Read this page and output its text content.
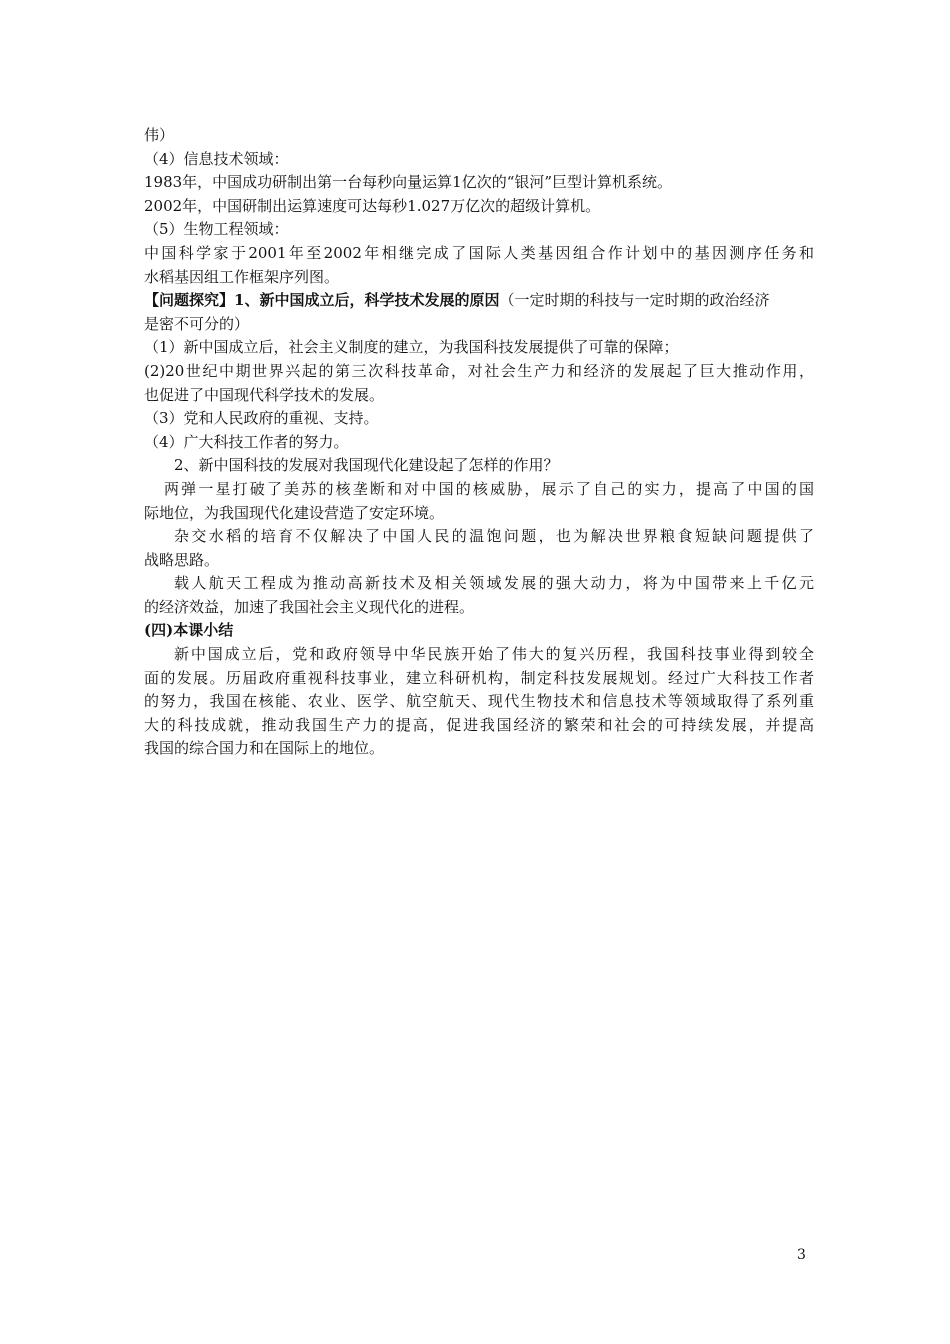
伟）
（4）信息技术领域：
1983年，中国成功研制出第一台每秒向量运算1亿次的“银河”巨型计算机系统。
2002年，中国研制出运算速度可达每秒1.027万亿次的超级计算机。
（5）生物工程领域：
中国科学家于2001年至2002年相继完成了国际人类基因组合作计划中的基因测序任务和
水稻基因组工作框架序列图。
【问题探究】1、新中国成立后，科学技术发展的原因（一定时期的科技与一定时期的政治经济
是密不可分的）
（1）新中国成立后，社会主义制度的建立，为我国科技发展提供了可靠的保障；
(2)20世纪中期世界兴起的第三次科技革命，对社会生产力和经济的发展起了巨大推动作用，
也促进了中国现代科学技术的发展。
（3）党和人民政府的重视、支持。
（4）广大科技工作者的努力。
2、新中国科技的发展对我国现代化建设起了怎样的作用？
两弹一星打破了美苏的核垄断和对中国的核威胁，展示了自己的实力，提高了中国的国
际地位，为我国现代化建设营造了安定环境。
杂交水稻的培育不仅解决了中国人民的温饱问题，也为解决世界粮食短缺问题提供了
战略思路。
载人航天工程成为推动高新技术及相关领域发展的强大动力，将为中国带来上千亿元
的经济效益，加速了我国社会主义现代化的进程。
(四)本课小结
新中国成立后，党和政府领导中华民族开始了伟大的复兴历程，我国科技事业得到较全
面的发展。历届政府重视科技事业，建立科研机构，制定科技发展规划。经过广大科技工作者
的努力，我国在核能、农业、医学、航空航天、现代生物技术和信息技术等领域取得了系列重
大的科技成就，推动我国生产力的提高，促进我国经济的繁荣和社会的可持续发展，并提高
我国的综合国力和在国际上的地位。
3
